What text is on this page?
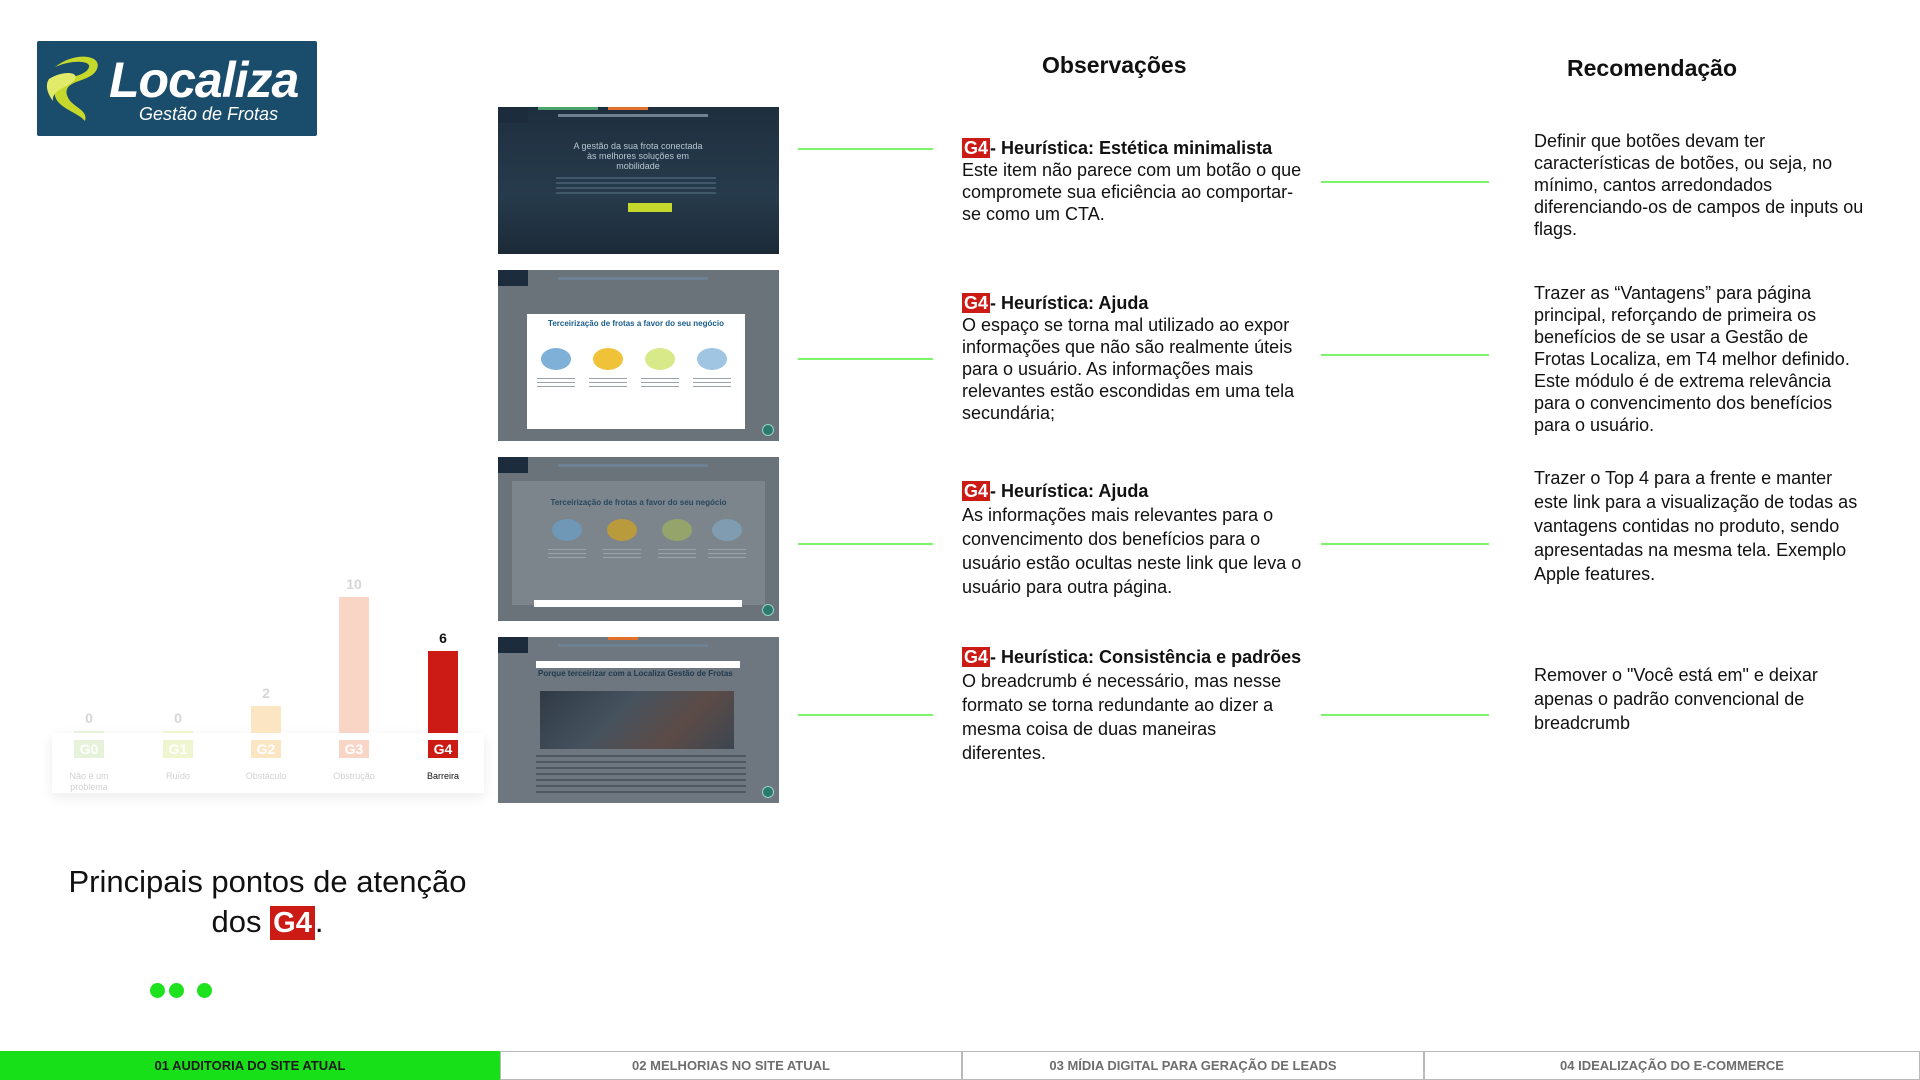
Localiza
Gestão de Frotas
Observações	Recomendação
A gestão da sua frota conectada às melhores soluções em mobilidade
Terceirização de frotas a favor do seu negócio
Terceirização de frotas a favor do seu negócio
Porque terceirizar com a Localiza Gestão de Frotas
G4 - Heurística: Estética minimalista
Este item não parece com um botão o que compromete sua eficiência ao comportar-se como um CTA.
G4 - Heurística: Ajuda
O espaço se torna mal utilizado ao expor informações que não são realmente úteis para o usuário. As informações mais relevantes estão escondidas em uma tela secundária;
G4 - Heurística: Ajuda
As informações mais relevantes para o convencimento dos benefícios para o usuário estão ocultas neste link que leva o usuário para outra página.
G4 - Heurística: Consistência e padrões
O breadcrumb é necessário, mas nesse formato se torna redundante ao dizer a mesma coisa de duas maneiras diferentes.
Definir que botões devam ter características de botões, ou seja, no mínimo, cantos arredondados diferenciando-os de campos de inputs ou flags.
Trazer as “Vantagens” para página principal, reforçando de primeira os benefícios de se usar a Gestão de Frotas Localiza, em T4 melhor definido. Este módulo é de extrema relevância para o convencimento dos benefícios para o usuário.
Trazer o Top 4 para a frente e manter este link para a visualização de todas as vantagens contidas no produto, sendo apresentadas na mesma tela. Exemplo Apple features.
Remover o "Você está em" e deixar apenas o padrão convencional de breadcrumb
0
G0
Não é um problema
0
G1
Ruído
2
G2
Obstáculo
10
G3
Obstrução
6
G4
Barreira
Principais pontos de atenção
dos G4.
01 AUDITORIA DO SITE ATUAL	02 MELHORIAS NO SITE ATUAL	03 MÍDIA DIGITAL PARA GERAÇÃO DE LEADS	04 IDEALIZAÇÃO DO E-COMMERCE
